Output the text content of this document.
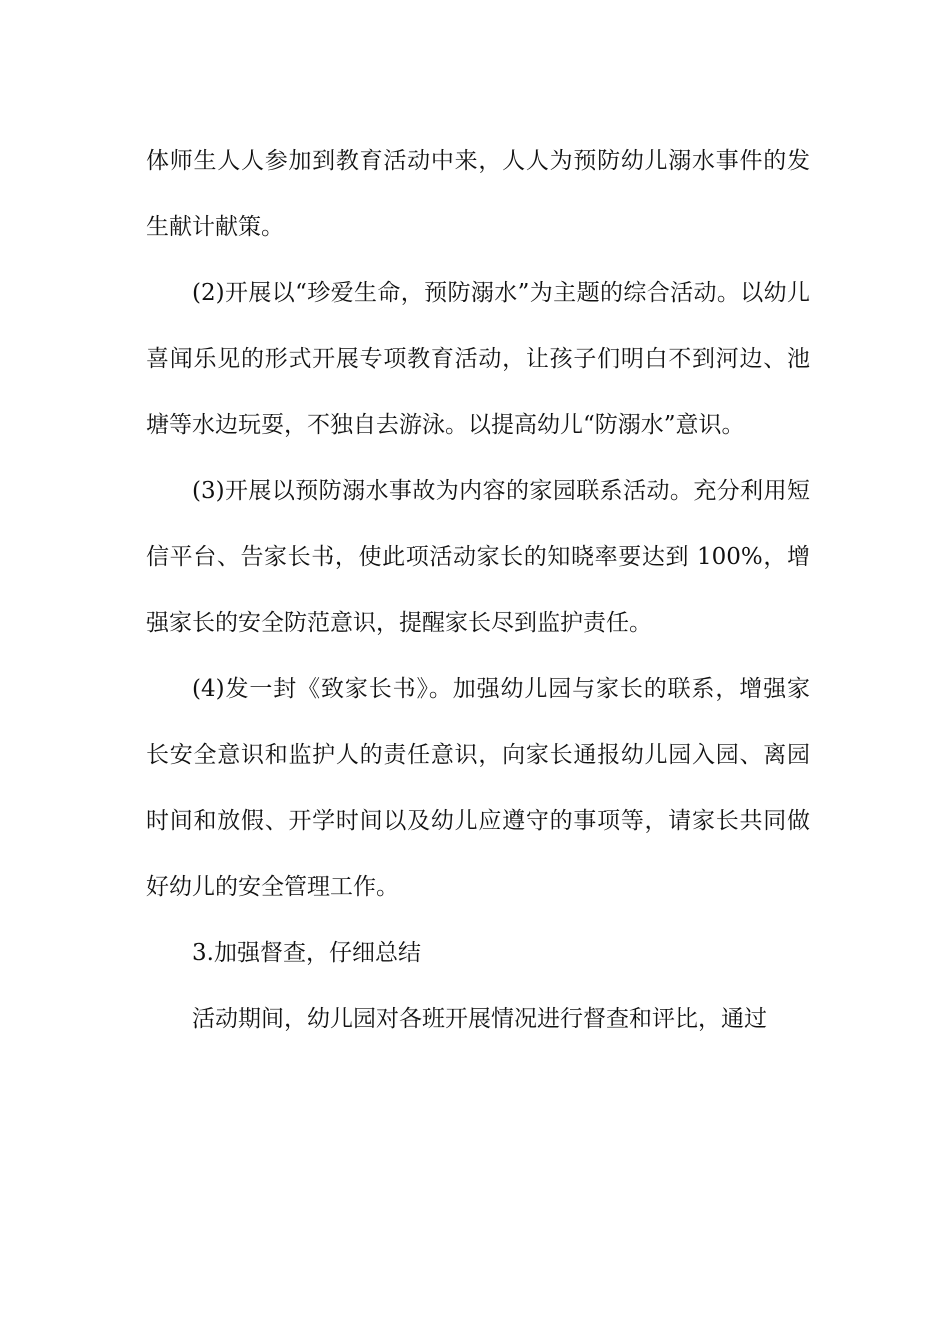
体师生人人参加到教育活动中来，人人为预防幼儿溺水事件的发生献计献策。

(2)开展以“珍爱生命，预防溺水”为主题的综合活动。以幼儿喜闻乐见的形式开展专项教育活动，让孩子们明白不到河边、池塘等水边玩耍，不独自去游泳。以提高幼儿“防溺水”意识。

(3)开展以预防溺水事故为内容的家园联系活动。充分利用短信平台、告家长书，使此项活动家长的知晓率要达到 100%，增强家长的安全防范意识，提醒家长尽到监护责任。

(4)发一封《致家长书》。加强幼儿园与家长的联系，增强家长安全意识和监护人的责任意识，向家长通报幼儿园入园、离园时间和放假、开学时间以及幼儿应遵守的事项等，请家长共同做好幼儿的安全管理工作。

3.加强督查，仔细总结

活动期间，幼儿园对各班开展情况进行督查和评比，通过
